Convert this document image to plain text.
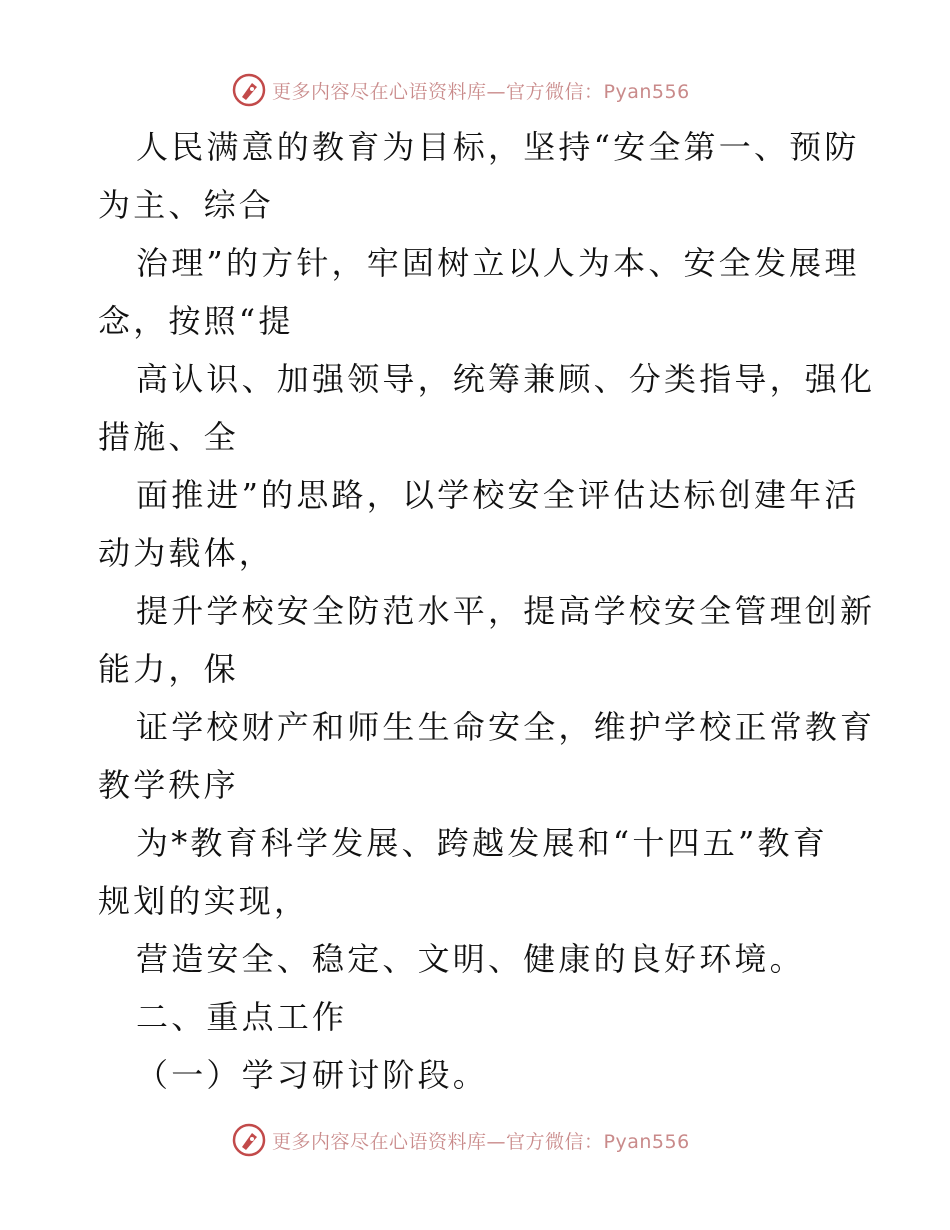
更多内容尽在心语资料库—官方微信：Pyan556
人民满意的教育为目标，坚持“安全第一、预防
为主、综合
治理”的方针，牢固树立以人为本、安全发展理
念，按照“提
高认识、加强领导，统筹兼顾、分类指导，强化
措施、全
面推进”的思路，以学校安全评估达标创建年活
动为载体，
提升学校安全防范水平，提高学校安全管理创新
能力，保
证学校财产和师生生命安全，维护学校正常教育
教学秩序
为*教育科学发展、跨越发展和“十四五”教育
规划的实现，
营造安全、稳定、文明、健康的良好环境。
二、重点工作
（一）学习研讨阶段。
更多内容尽在心语资料库—官方微信：Pyan556
